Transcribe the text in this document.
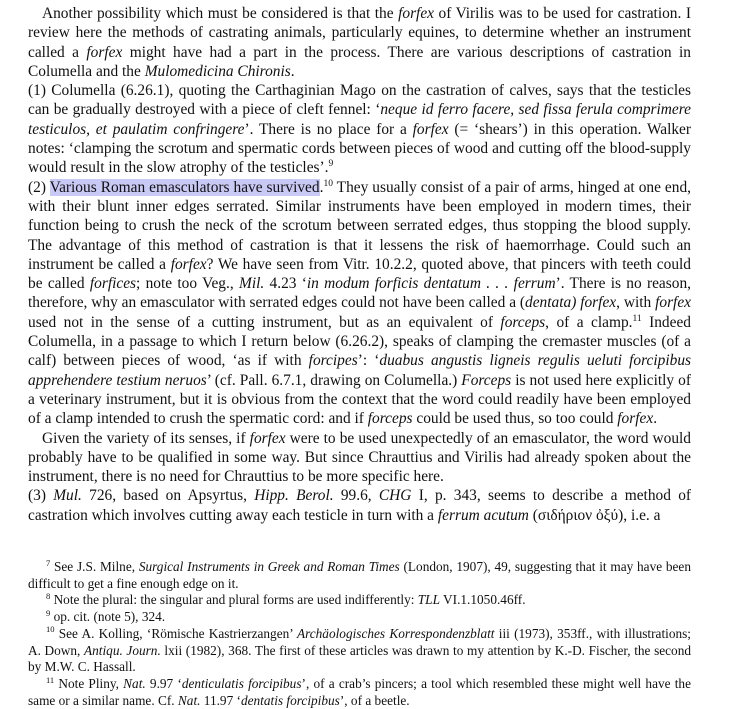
Another possibility which must be considered is that the forfex of Virilis was to be used for castration. I review here the methods of castrating animals, particularly equines, to determine whether an instrument called a forfex might have had a part in the process. There are various descriptions of castration in Columella and the Mulomedicina Chironis.

(1) Columella (6.26.1), quoting the Carthaginian Mago on the castration of calves, says that the testicles can be gradually destroyed with a piece of cleft fennel: ‘neque id ferro facere, sed fissa ferula comprimere testiculos, et paulatim confringere’. There is no place for a forfex (= ‘shears’) in this operation. Walker notes: ‘clamping the scrotum and spermatic cords between pieces of wood and cutting off the blood-supply would result in the slow atrophy of the testicles’.$^9$

(2) Various Roman emasculators have survived.$^{10}$ They usually consist of a pair of arms, hinged at one end, with their blunt inner edges serrated. Similar instruments have been employed in modern times, their function being to crush the neck of the scrotum between serrated edges, thus stopping the blood supply. The advantage of this method of castration is that it lessens the risk of haemorrhage. Could such an instrument be called a forfex? We have seen from Vitr. 10.2.2, quoted above, that pincers with teeth could be called forfices; note too Veg., Mil. 4.23 ‘in modum forficis dentatum . . . ferrum’. There is no reason, therefore, why an emasculator with serrated edges could not have been called a (dentata) forfex, with forfex used not in the sense of a cutting instrument, but as an equivalent of forceps, of a clamp.$^{11}$ Indeed Columella, in a passage to which I return below (6.26.2), speaks of clamping the cremaster muscles (of a calf) between pieces of wood, ‘as if with forcipes’: ‘duabus angustis ligneis regulis ueluti forcipibus apprehendere testium neruos’ (cf. Pall. 6.7.1, drawing on Columella.) Forceps is not used here explicitly of a veterinary instrument, but it is obvious from the context that the word could readily have been employed of a clamp intended to crush the spermatic cord: and if forceps could be used thus, so too could forfex.

Given the variety of its senses, if forfex were to be used unexpectedly of an emasculator, the word would probably have to be qualified in some way. But since Chrauttius and Virilis had already spoken about the instrument, there is no need for Chrauttius to be more specific here.

(3) Mul. 726, based on Apsyrtus, Hipp. Berol. 99.6, CHG I, p. 343, seems to describe a method of castration which involves cutting away each testicle in turn with a ferrum acutum (σιδήριον ὀξύ), i.e. a

$^7$ See J.S. Milne, Surgical Instruments in Greek and Roman Times (London, 1907), 49, suggesting that it may have been difficult to get a fine enough edge on it.

$^8$ Note the plural: the singular and plural forms are used indifferently: TLL VI.1.1050.46ff.

$^9$ op. cit. (note 5), 324.

$^{10}$ See A. Kolling, ‘Römische Kastrierzangen’ Archäologisches Korrespondenzblatt iii (1973), 353ff., with illustrations; A. Down, Antiqu. Journ. lxii (1982), 368. The first of these articles was drawn to my attention by K.-D. Fischer, the second by M.W. C. Hassall.

$^{11}$ Note Pliny, Nat. 9.97 ‘denticulatis forcipibus’, of a crab’s pincers; a tool which resembled these might well have the same or a similar name. Cf. Nat. 11.97 ‘dentatis forcipibus’, of a beetle.
